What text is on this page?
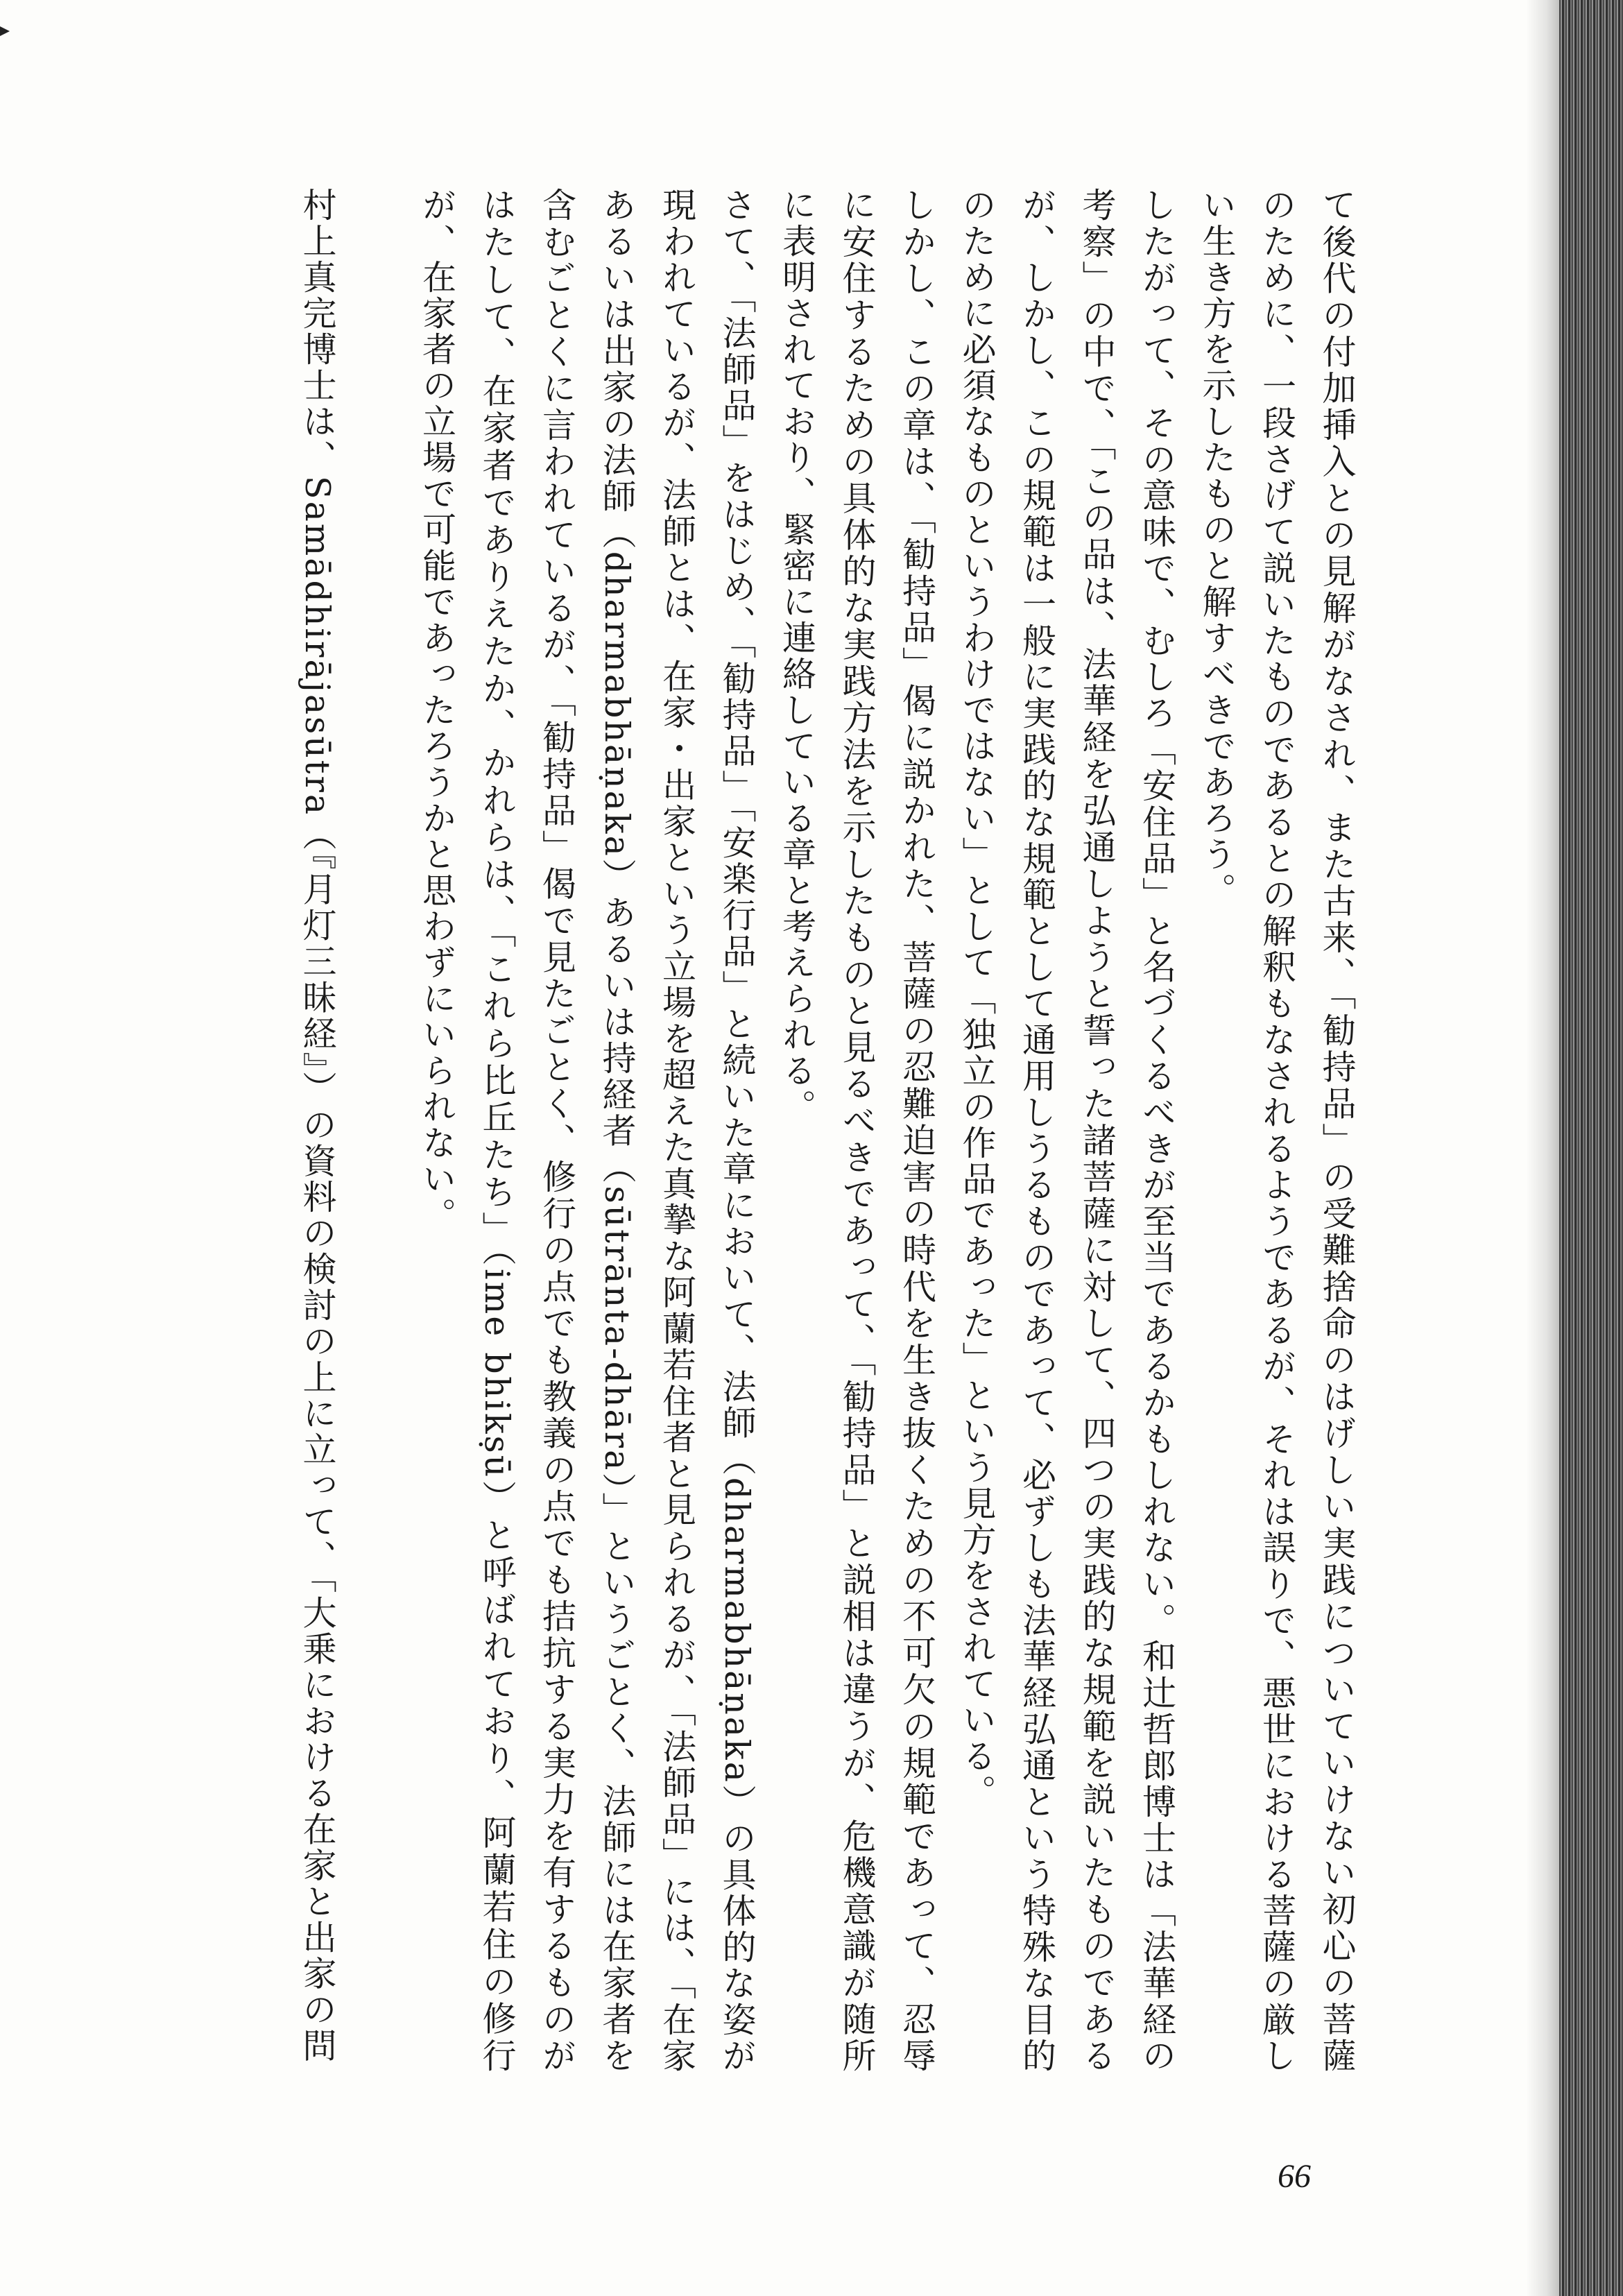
て後代の付加挿入との見解がなされ、また古来、「勧持品」の受難捨命のはげしい実践についていけない初心の菩薩のために、一段さげて説いたものであるとの解釈もなされるようであるが、それは誤りで、悪世における菩薩の厳しい生き方を示したものと解すべきであろう。

したがって、その意味で、むしろ「安住品」と名づくるべきが至当であるかもしれない。和辻哲郎博士は「法華経の考察」の中で、「この品は、法華経を弘通しようと誓った諸菩薩に対して、四つの実践的な規範を説いたものであるが、しかし、この規範は一般に実践的な規範として通用しうるものであって、必ずしも法華経弘通という特殊な目的のために必須なものというわけではない」として「独立の作品であった」という見方をされている。

しかし、この章は、「勧持品」偈に説かれた、菩薩の忍難迫害の時代を生き抜くための不可欠の規範であって、忍辱に安住するための具体的な実践方法を示したものと見るべきであって、「勧持品」と説相は違うが、危機意識が随所に表明されており、緊密に連絡している章と考えられる。

さて、「法師品」をはじめ、「勧持品」「安楽行品」と続いた章において、法師（dharmabhāṇaka）の具体的な姿が現われているが、法師とは、在家・出家という立場を超えた真摯な阿蘭若住者と見られるが、「法師品」には、「在家あるいは出家の法師（dharmabhāṇaka）あるいは持経者（sūtrānta-dhāra）」というごとく、法師には在家者を含むごとくに言われているが、「勧持品」偈で見たごとく、修行の点でも教義の点でも拮抗する実力を有するものがはたして、在家者でありえたか、かれらは、「これら比丘たち」（ime bhikṣū）と呼ばれており、阿蘭若住の修行が、在家者の立場で可能であったろうかと思わずにいられない。

村上真完博士は、Samādhirājasūtra（『月灯三昧経』）の資料の検討の上に立って、「大乗における在家と出家の問

66
